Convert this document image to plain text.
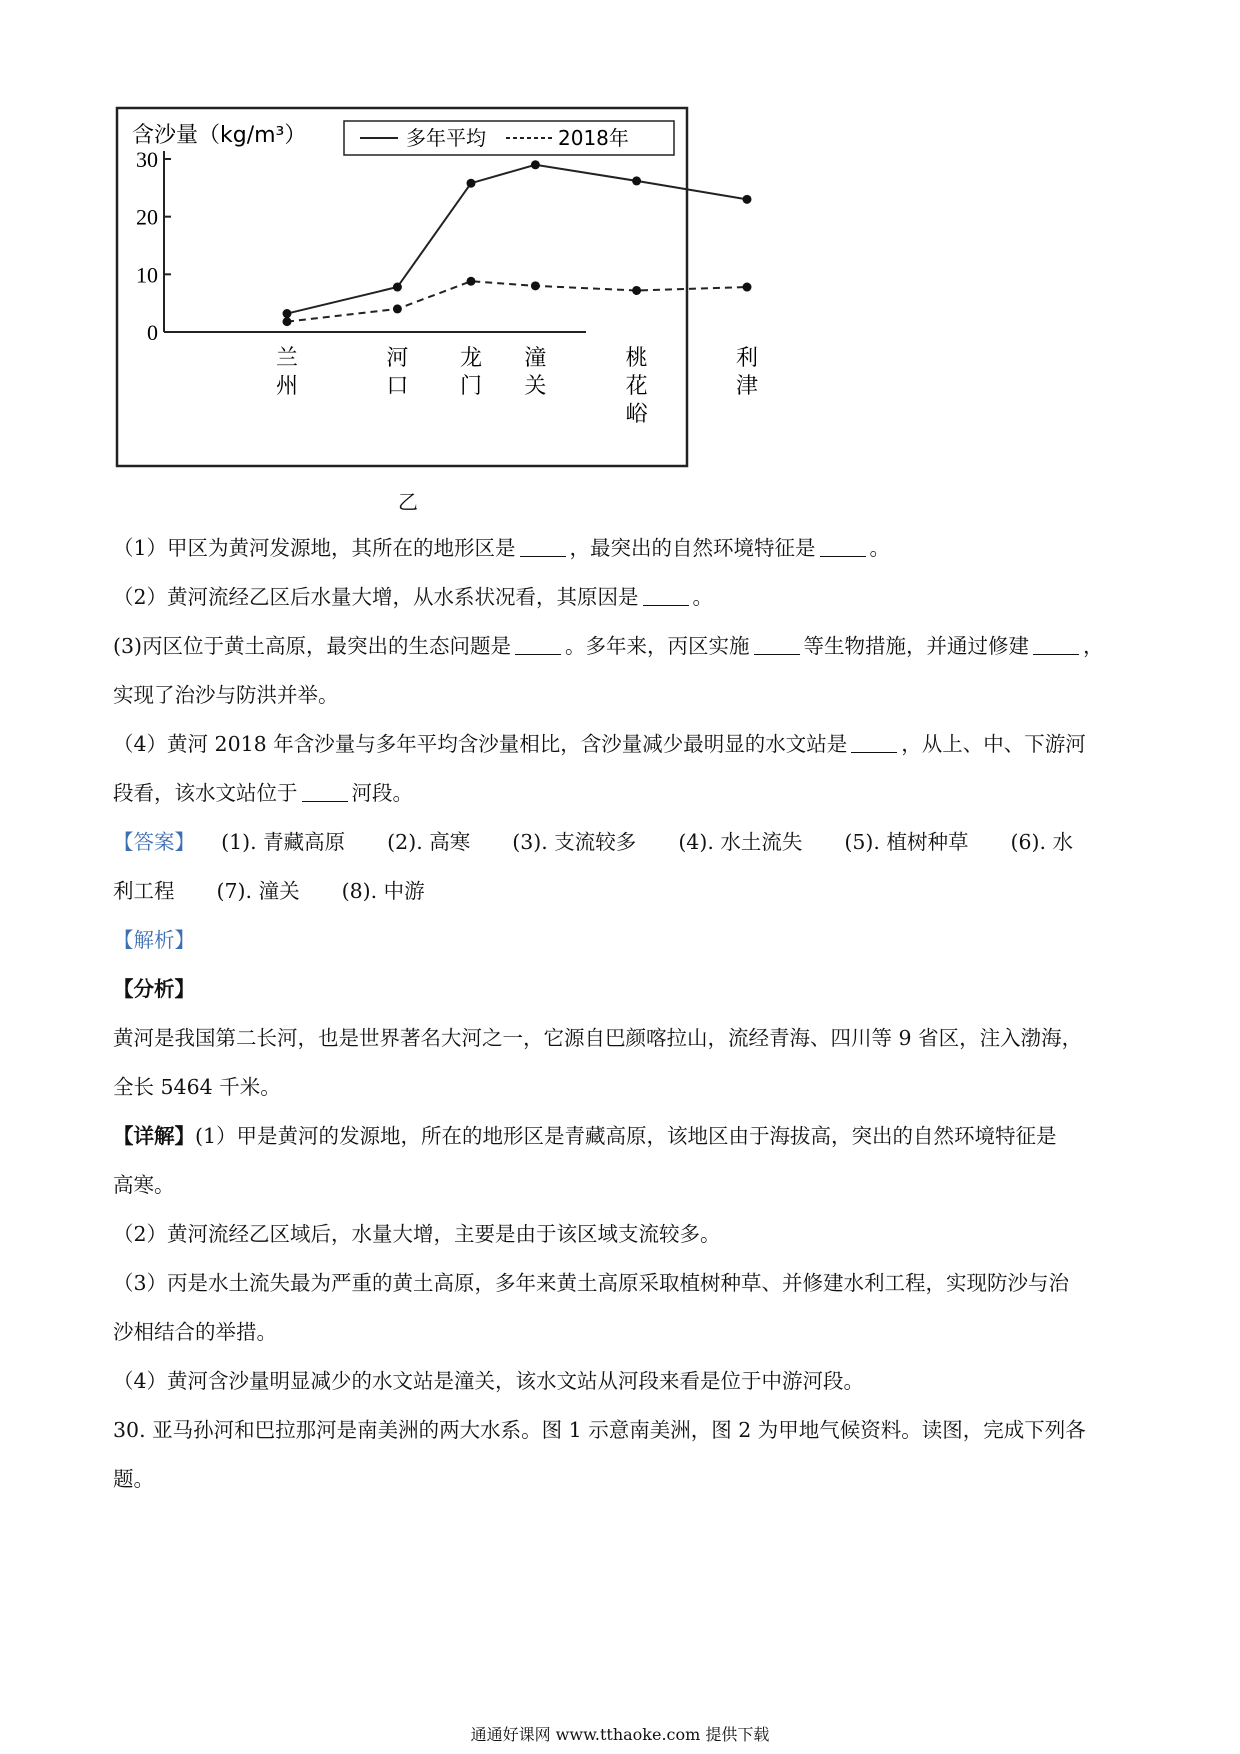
含沙量（kg/m³）	多年平均	2018年
0
10
20
30
兰州
河口
龙门
潼关
桃花峪
利津
乙

（1）甲区为黄河发源地，其所在的地形区是	，最突出的自然环境特征是	。

（2）黄河流经乙区后水量大增，从水系状况看，其原因是	。

(3)丙区位于黄土高原，最突出的生态问题是	。多年来，丙区实施	等生物措施，并通过修建	，

实现了治沙与防洪并举。

（4）黄河 2018 年含沙量与多年平均含沙量相比，含沙量减少最明显的水文站是	，从上、中、下游河

段看，该水文站位于	河段。

【答案】 (1). 青藏高原 (2). 高寒 (3). 支流较多 (4). 水土流失 (5). 植树种草 (6). 水

利工程 (7). 潼关 (8). 中游

【解析】

【分析】

黄河是我国第二长河，也是世界著名大河之一，它源自巴颜喀拉山，流经青海、四川等 9 省区，注入渤海，

全长 5464 千米。

【详解】(1）甲是黄河的发源地，所在的地形区是青藏高原，该地区由于海拔高，突出的自然环境特征是

高寒。

（2）黄河流经乙区域后，水量大增，主要是由于该区域支流较多。

（3）丙是水土流失最为严重的黄土高原，多年来黄土高原采取植树种草、并修建水利工程，实现防沙与治

沙相结合的举措。

（4）黄河含沙量明显减少的水文站是潼关，该水文站从河段来看是位于中游河段。

30. 亚马孙河和巴拉那河是南美洲的两大水系。图 1 示意南美洲，图 2 为甲地气候资料。读图，完成下列各

题。

通通好课网 www.tthaoke.com 提供下载
